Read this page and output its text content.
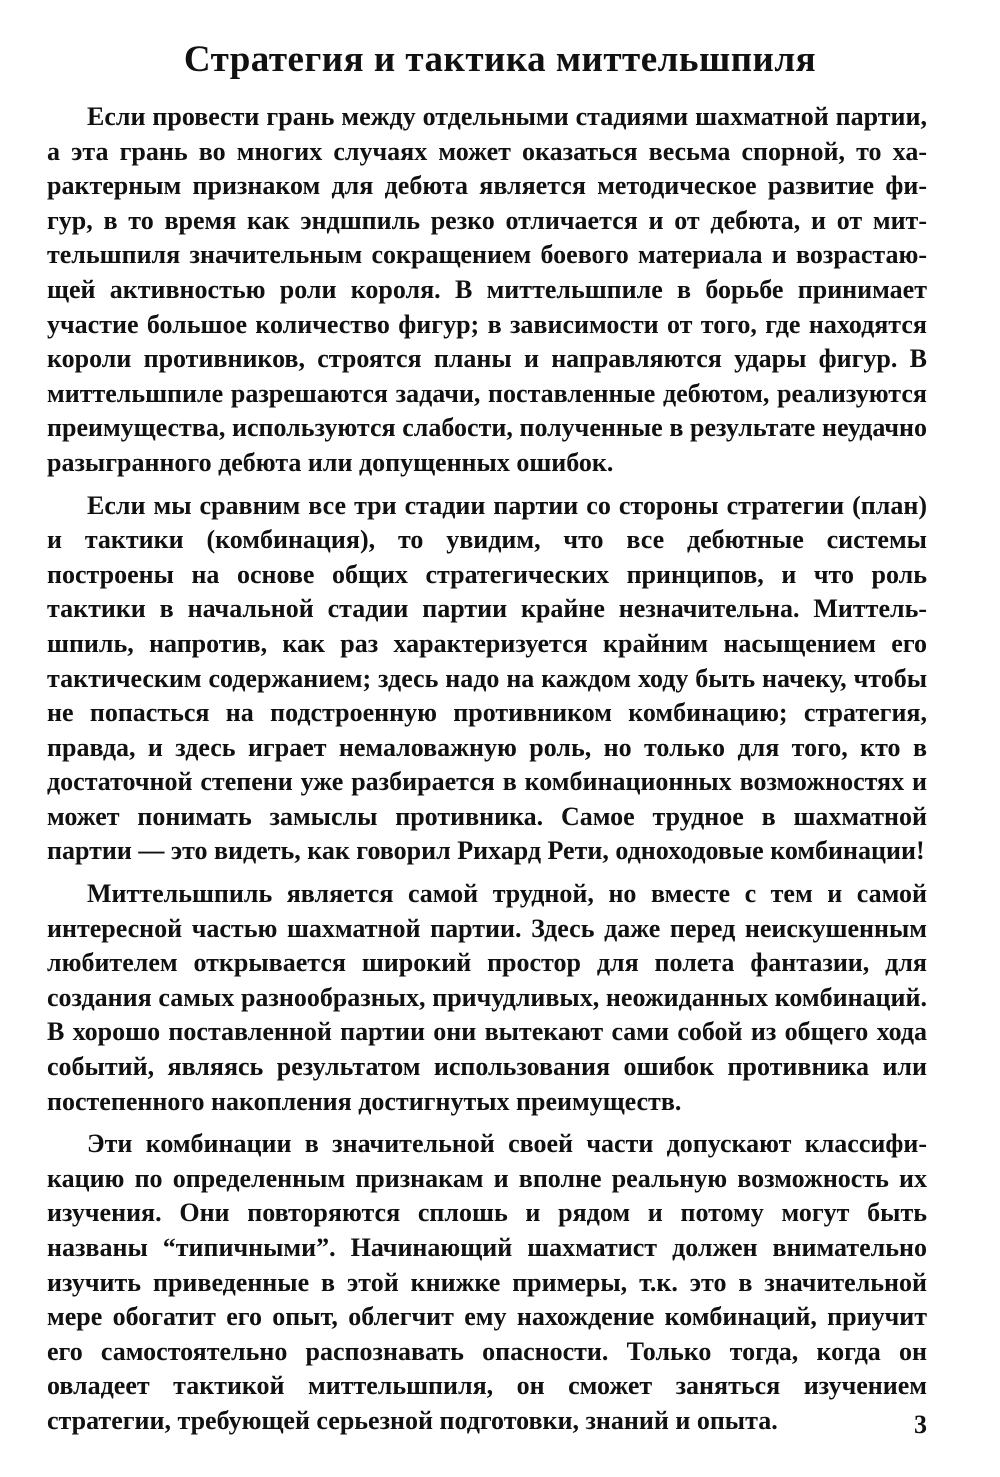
Стратегия и тактика миттельшпиля

Если провести грань между отдельными стадиями шахматной партии, а эта грань во многих случаях может оказаться весьма спорной, то характерным признаком для дебюта является методическое развитие фигур, в то время как эндшпиль резко отличается и от дебюта, и от миттельшпиля значительным сокращением боевого материала и возрастающей активностью роли короля. В миттельшпиле в борьбе принимает участие большое количество фигур; в зависимости от того, где находятся короли противников, строятся планы и направляются удары фигур. В миттельшпиле разрешаются задачи, поставленные дебютом, реализуются преимущества, используются слабости, полученные в результате неудачно разыгранного дебюта или допущенных ошибок.

Если мы сравним все три стадии партии со стороны стратегии (план) и тактики (комбинация), то увидим, что все дебютные системы построены на основе общих стратегических принципов, и что роль тактики в начальной стадии партии крайне незначительна. Миттельшпиль, напротив, как раз характеризуется крайним насыщением его тактическим содержанием; здесь надо на каждом ходу быть начеку, чтобы не попасться на подстроенную противником комбинацию; стратегия, правда, и здесь играет немаловажную роль, но только для того, кто в достаточной степени уже разбирается в комбинационных возможностях и может понимать замыслы противника. Самое трудное в шахматной партии — это видеть, как говорил Рихард Рети, одноходовые комбинации!

Миттельшпиль является самой трудной, но вместе с тем и самой интересной частью шахматной партии. Здесь даже перед неискушенным любителем открывается широкий простор для полета фантазии, для создания самых разнообразных, причудливых, неожиданных комбинаций. В хорошо поставленной партии они вытекают сами собой из общего хода событий, являясь результатом использования ошибок противника или постепенного накопления достигнутых преимуществ.

Эти комбинации в значительной своей части допускают классификацию по определенным признакам и вполне реальную возможность их изучения. Они повторяются сплошь и рядом и потому могут быть названы “типичными”. Начинающий шахматист должен внимательно изучить приведенные в этой книжке примеры, т.к. это в значительной мере обогатит его опыт, облегчит ему нахождение комбинаций, приучит его самостоятельно распознавать опасности. Только тогда, когда он овладеет тактикой миттельшпиля, он сможет заняться изучением стратегии, требующей серьезной подготовки, знаний и опыта.	3
